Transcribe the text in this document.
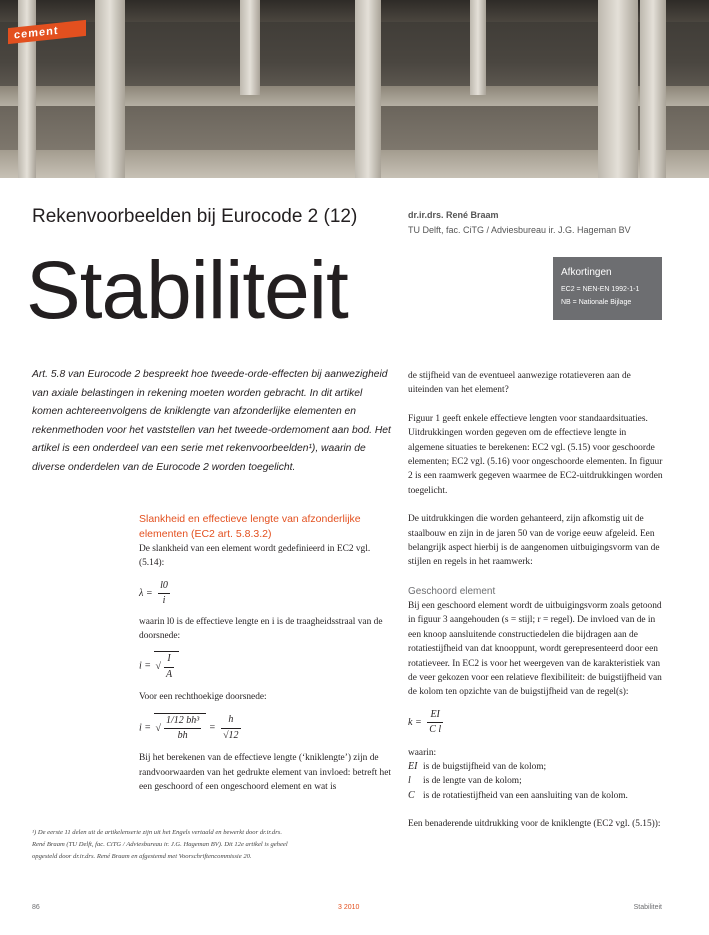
cement
Rekenvoorbeelden bij Eurocode 2 (12)
Stabiliteit
dr.ir.drs. René Braam
TU Delft, fac. CiTG / Adviesbureau ir. J.G. Hageman BV
Afkortingen
EC2 = NEN-EN 1992-1-1
NB = Nationale Bijlage

Art. 5.8 van Eurocode 2 bespreekt hoe tweede-orde-effecten bij aanwezigheid van axiale belastingen in rekening moeten worden gebracht. In dit artikel komen achtereenvolgens de kniklengte van afzonderlijke elementen en rekenmethoden voor het vaststellen van het tweede-ordemoment aan bod. Het artikel is een onderdeel van een serie met rekenvoorbeelden¹), waarin de diverse onderdelen van de Eurocode 2 worden toegelicht.

Slankheid en effectieve lengte van afzonderlijke elementen (EC2 art. 5.8.3.2)

De slankheid van een element wordt gedefinieerd in EC2 vgl. (5.14):

$\lambda = \frac{l0}{i}$

waarin l0 is de effectieve lengte en i is de traagheidsstraal van de doorsnede:

i = √ $\frac{I}{A}$

Voor een rechthoekige doorsnede:

i = √ $\frac{\text{1/12 bh³}}{bh} = \frac{h}{√12}$

Bij het berekenen van de effectieve lengte (‘kniklengte’) zijn de randvoorwaarden van het gedrukte element van invloed: betreft het een geschoord of een ongeschoord element en wat is

de stijfheid van de eventueel aanwezige rotatieveren aan de uiteinden van het element?

Figuur 1 geeft enkele effectieve lengten voor standaardsituaties. Uitdrukkingen worden gegeven om de effectieve lengte in algemene situaties te berekenen: EC2 vgl. (5.15) voor geschoorde elementen; EC2 vgl. (5.16) voor ongeschoorde elementen. In figuur 2 is een raamwerk gegeven waarmee de EC2-uitdrukkingen worden toegelicht.

De uitdrukkingen die worden gehanteerd, zijn afkomstig uit de staalbouw en zijn in de jaren 50 van de vorige eeuw afgeleid. Een belangrijk aspect hierbij is de aangenomen uitbuigingsvorm van de stijlen en regels in het raamwerk:

Geschoord element

Bij een geschoord element wordt de uitbuigingsvorm zoals getoond in figuur 3 aangehouden (s = stijl; r = regel). De invloed van de in een knoop aansluitende constructiedelen die bijdragen aan de rotatiestijfheid van dat knooppunt, wordt gerepresenteerd door een rotatieveer. In EC2 is voor het weergeven van de karakteristiek van de veer gekozen voor een relatieve flexibiliteit: de buigstijfheid van de kolom ten opzichte van de buigstijfheid van de regel(s):

$k = \frac{EI}{\text{C l}}$

waarin:

EI is de buigstijfheid van de kolom;
l is de lengte van de kolom;
C is de rotatiestijfheid van een aansluiting van de kolom.

Een benaderende uitdrukking voor de kniklengte (EC2 vgl. (5.15)):

¹) De eerste 11 delen uit de artikelenserie zijn uit het Engels vertaald en bewerkt door dr.ir.drs. René Braam (TU Delft, fac. CiTG / Adviesbureau ir. J.G. Hageman BV). Dit 12e artikel is geheel opgesteld door dr.ir.drs. René Braam en afgestemd met Voorschriftencommissie 20.
86	3 2010	Stabiliteit
